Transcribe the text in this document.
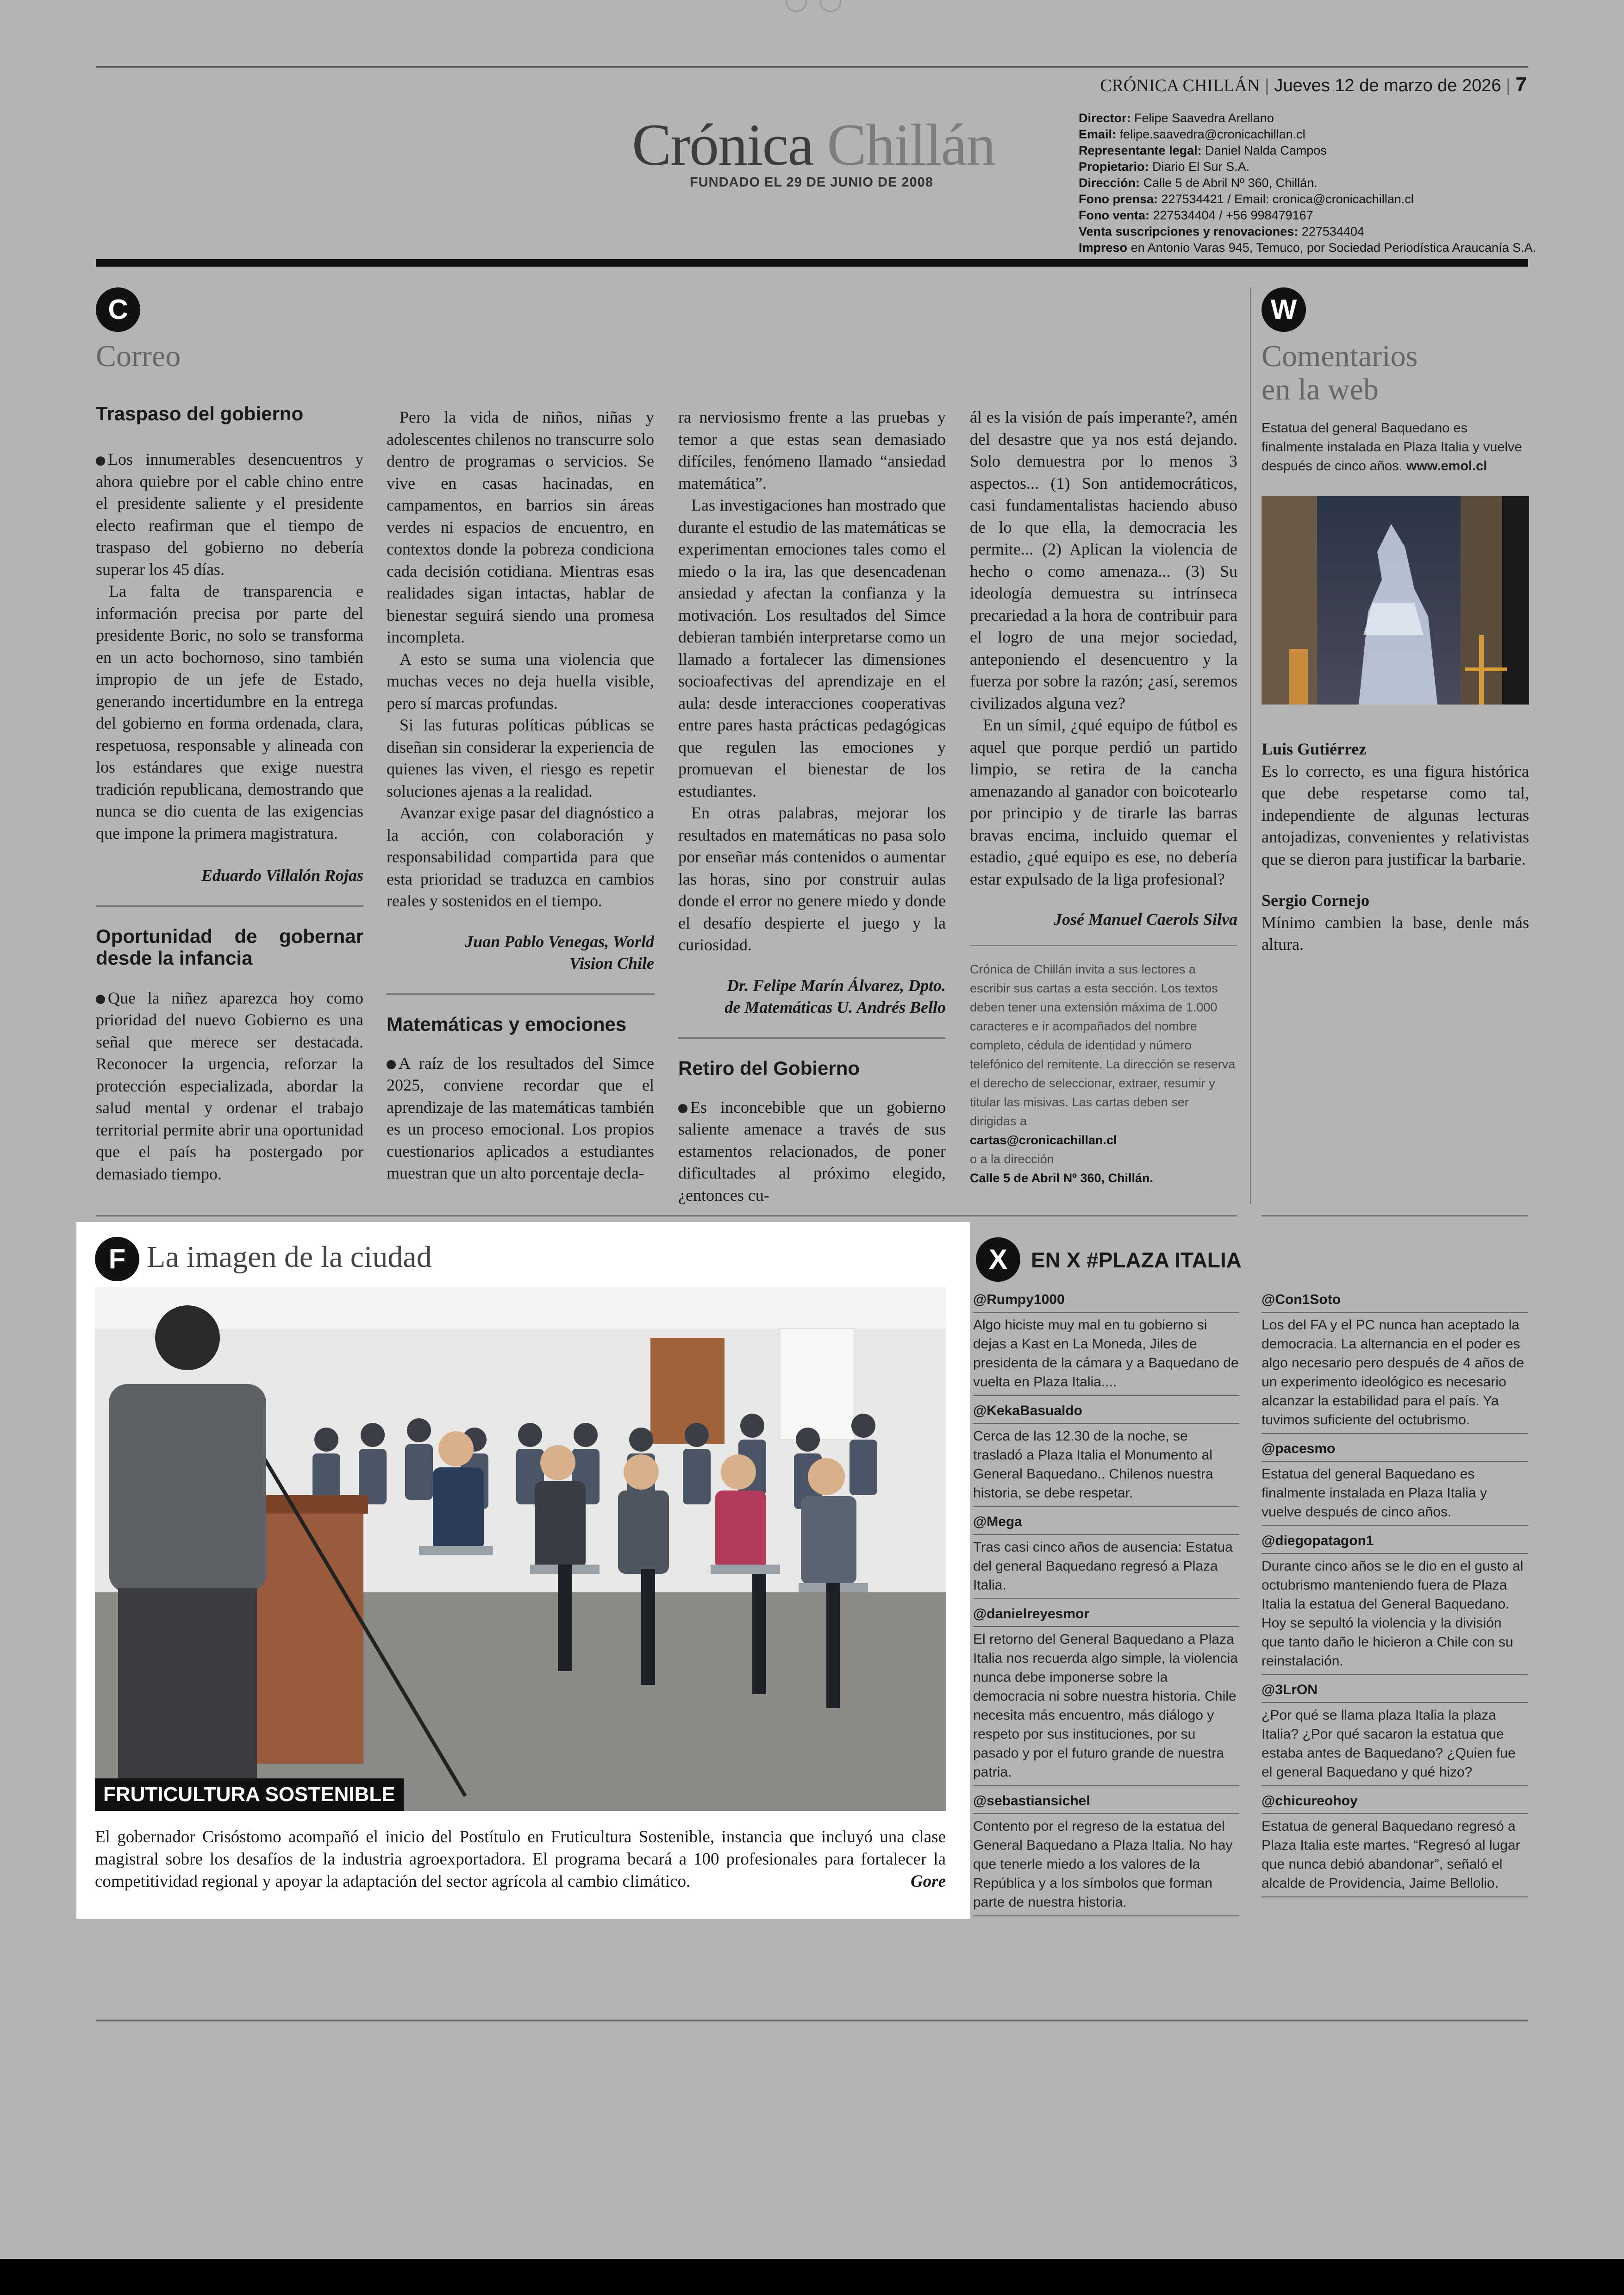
CRÓNICA CHILLÁN | Jueves 12 de marzo de 2026 | 7
Crónica Chillán
FUNDADO EL 29 DE JUNIO DE 2008
Director: Felipe Saavedra Arellano
Email: felipe.saavedra@cronicachillan.cl
Representante legal: Daniel Nalda Campos
Propietario: Diario El Sur S.A.
Dirección: Calle 5 de Abril Nº 360, Chillán.
Fono prensa: 227534421 / Email: cronica@cronicachillan.cl
Fono venta: 227534404 / +56 998479167
Venta suscripciones y renovaciones: 227534404
Impreso en Antonio Varas 945, Temuco, por Sociedad Periodística Araucanía S.A.
C
Correo
Traspaso del gobierno

Los innumerables desencuentros y ahora quiebre por el cable chino entre el presidente saliente y el presidente electo reafirman que el tiempo de traspaso del gobierno no debería superar los 45 días.

La falta de transparencia e información precisa por parte del presidente Boric, no solo se transforma en un acto bochornoso, sino también impropio de un jefe de Estado, generando incertidumbre en la entrega del gobierno en forma ordenada, clara, respetuosa, responsable y alineada con los estándares que exige nuestra tradición republicana, demostrando que nunca se dio cuenta de las exigencias que impone la primera magistratura.

Eduardo Villalón Rojas

Oportunidad de gobernar desde la infancia

Que la niñez aparezca hoy como prioridad del nuevo Gobierno es una señal que merece ser destacada. Reconocer la urgencia, reforzar la protección especializada, abordar la salud mental y ordenar el trabajo territorial permite abrir una oportunidad que el país ha postergado por demasiado tiempo.

Pero la vida de niños, niñas y adolescentes chilenos no transcurre solo dentro de programas o servicios. Se vive en casas hacinadas, en campamentos, en barrios sin áreas verdes ni espacios de encuentro, en contextos donde la pobreza condiciona cada decisión cotidiana. Mientras esas realidades sigan intactas, hablar de bienestar seguirá siendo una promesa incompleta.

A esto se suma una violencia que muchas veces no deja huella visible, pero sí marcas profundas.

Si las futuras políticas públicas se diseñan sin considerar la experiencia de quienes las viven, el riesgo es repetir soluciones ajenas a la realidad.

Avanzar exige pasar del diagnóstico a la acción, con colaboración y responsabilidad compartida para que esta prioridad se traduzca en cambios reales y sostenidos en el tiempo.

Juan Pablo Venegas, World Vision Chile

Matemáticas y emociones

A raíz de los resultados del Simce 2025, conviene recordar que el aprendizaje de las matemáticas también es un proceso emocional. Los propios cuestionarios aplicados a estudiantes muestran que un alto porcentaje decla-

ra nerviosismo frente a las pruebas y temor a que estas sean demasiado difíciles, fenómeno llamado “ansiedad matemática”.

Las investigaciones han mostrado que durante el estudio de las matemáticas se experimentan emociones tales como el miedo o la ira, las que desencadenan ansiedad y afectan la confianza y la motivación. Los resultados del Simce debieran también interpretarse como un llamado a fortalecer las dimensiones socioafectivas del aprendizaje en el aula: desde interacciones cooperativas entre pares hasta prácticas pedagógicas que regulen las emociones y promuevan el bienestar de los estudiantes.

En otras palabras, mejorar los resultados en matemáticas no pasa solo por enseñar más contenidos o aumentar las horas, sino por construir aulas donde el error no genere miedo y donde el desafío despierte el juego y la curiosidad.

Dr. Felipe Marín Álvarez, Dpto. de Matemáticas U. Andrés Bello

Retiro del Gobierno

Es inconcebible que un gobierno saliente amenace a través de sus estamentos relacionados, de poner dificultades al próximo elegido, ¿entonces cu-

ál es la visión de país imperante?, amén del desastre que ya nos está dejando. Solo demuestra por lo menos 3 aspectos... (1) Son antidemocráticos, casi fundamentalistas haciendo abuso de lo que ella, la democracia les permite... (2) Aplican la violencia de hecho o como amenaza... (3) Su ideología demuestra su intrínseca precariedad a la hora de contribuir para el logro de una mejor sociedad, anteponiendo el desencuentro y la fuerza por sobre la razón; ¿así, seremos civilizados alguna vez?

En un símil, ¿qué equipo de fútbol es aquel que porque perdió un partido limpio, se retira de la cancha amenazando al ganador con boicotearlo por principio y de tirarle las barras bravas encima, incluido quemar el estadio, ¿qué equipo es ese, no debería estar expulsado de la liga profesional?

José Manuel Caerols Silva

Crónica de Chillán invita a sus lectores a escribir sus cartas a esta sección. Los textos deben tener una extensión máxima de 1.000 caracteres e ir acompañados del nombre completo, cédula de identidad y número telefónico del remitente. La dirección se reserva el derecho de seleccionar, extraer, resumir y titular las misivas. Las cartas deben ser dirigidas a
cartas@cronicachillan.cl
o a la dirección
Calle 5 de Abril Nº 360, Chillán.
W
Comentarios
en la web
Estatua del general Baquedano es finalmente instalada en Plaza Italia y vuelve después de cinco años. www.emol.cl
Luis Gutiérrez
Es lo correcto, es una figura histórica que debe respetarse como tal, independiente de algunas lecturas antojadizas, convenientes y relativistas que se dieron para justificar la barbarie.
Sergio Cornejo
Mínimo cambien la base, denle más altura.
F La imagen de la ciudad
FRUTICULTURA SOSTENIBLE
El gobernador Crisóstomo acompañó el inicio del Postítulo en Fruticultura Sostenible, instancia que incluyó una clase magistral sobre los desafíos de la industria agroexportadora. El programa becará a 100 profesionales para fortalecer la competitividad regional y apoyar la adaptación del sector agrícola al cambio climático.	Gore
X	EN X #PLAZA ITALIA
@Rumpy1000
Algo hiciste muy mal en tu gobierno si dejas a Kast en La Moneda, Jiles de presidenta de la cámara y a Baquedano de vuelta en Plaza Italia....
@KekaBasualdo
Cerca de las 12.30 de la noche, se trasladó a Plaza Italia el Monumento al General Baquedano.. Chilenos nuestra historia, se debe respetar.
@Mega
Tras casi cinco años de ausencia: Estatua del general Baquedano regresó a Plaza Italia.
@danielreyesmor
El retorno del General Baquedano a Plaza Italia nos recuerda algo simple, la violencia nunca debe imponerse sobre la democracia ni sobre nuestra historia. Chile necesita más encuentro, más diálogo y respeto por sus instituciones, por su pasado y por el futuro grande de nuestra patria.
@sebastiansichel
Contento por el regreso de la estatua del General Baquedano a Plaza Italia. No hay que tenerle miedo a los valores de la República y a los símbolos que forman parte de nuestra historia.
@Con1Soto
Los del FA y el PC nunca han aceptado la democracia. La alternancia en el poder es algo necesario pero después de 4 años de un experimento ideológico es necesario alcanzar la estabilidad para el país. Ya tuvimos suficiente del octubrismo.
@pacesmo
Estatua del general Baquedano es finalmente instalada en Plaza Italia y vuelve después de cinco años.
@diegopatagon1
Durante cinco años se le dio en el gusto al octubrismo manteniendo fuera de Plaza Italia la estatua del General Baquedano. Hoy se sepultó la violencia y la división que tanto daño le hicieron a Chile con su reinstalación.
@3LrON
¿Por qué se llama plaza Italia la plaza Italia? ¿Por qué sacaron la estatua que estaba antes de Baquedano? ¿Quien fue el general Baquedano y qué hizo?
@chicureohoy
Estatua de general Baquedano regresó a Plaza Italia este martes. “Regresó al lugar que nunca debió abandonar”, señaló el alcalde de Providencia, Jaime Bellolio.
